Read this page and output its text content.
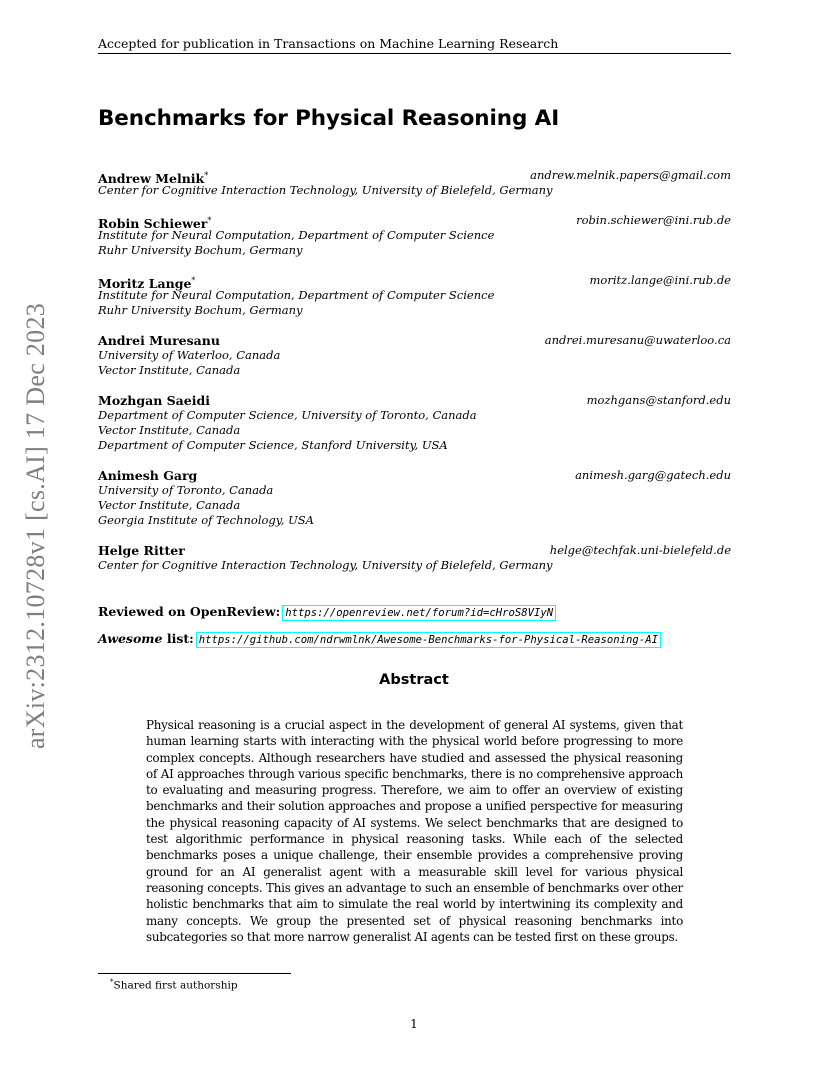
Accepted for publication in Transactions on Machine Learning Research
arXiv:2312.10728v1 [cs.AI] 17 Dec 2023
Benchmarks for Physical Reasoning AI
Andrew Melnik*	andrew.melnik.papers@gmail.com
Center for Cognitive Interaction Technology, University of Bielefeld, Germany
Robin Schiewer*	robin.schiewer@ini.rub.de
Institute for Neural Computation, Department of Computer Science
Ruhr University Bochum, Germany
Moritz Lange*	moritz.lange@ini.rub.de
Institute for Neural Computation, Department of Computer Science
Ruhr University Bochum, Germany
Andrei Muresanu	andrei.muresanu@uwaterloo.ca
University of Waterloo, Canada
Vector Institute, Canada
Mozhgan Saeidi	mozhgans@stanford.edu
Department of Computer Science, University of Toronto, Canada
Vector Institute, Canada
Department of Computer Science, Stanford University, USA
Animesh Garg	animesh.garg@gatech.edu
University of Toronto, Canada
Vector Institute, Canada
Georgia Institute of Technology, USA
Helge Ritter	helge@techfak.uni-bielefeld.de
Center for Cognitive Interaction Technology, University of Bielefeld, Germany
Reviewed on OpenReview: https://openreview.net/forum?id=cHroS8VIyN
Awesome list: https://github.com/ndrwmlnk/Awesome-Benchmarks-for-Physical-Reasoning-AI
Abstract

Physical reasoning is a crucial aspect in the development of general AI systems, given that human learning starts with interacting with the physical world before progressing to more complex concepts. Although researchers have studied and assessed the physical reasoning of AI approaches through various specific benchmarks, there is no comprehensive approach to evaluating and measuring progress. Therefore, we aim to offer an overview of existing benchmarks and their solution approaches and propose a unified perspective for measuring the physical reasoning capacity of AI systems. We select benchmarks that are designed to test algorithmic performance in physical reasoning tasks. While each of the selected benchmarks poses a unique challenge, their ensemble provides a comprehensive proving ground for an AI generalist agent with a measurable skill level for various physical reasoning concepts. This gives an advantage to such an ensemble of benchmarks over other holistic benchmarks that aim to simulate the real world by intertwining its complexity and many concepts. We group the presented set of physical reasoning benchmarks into subcategories so that more narrow generalist AI agents can be tested first on these groups.

*Shared first authorship
1
